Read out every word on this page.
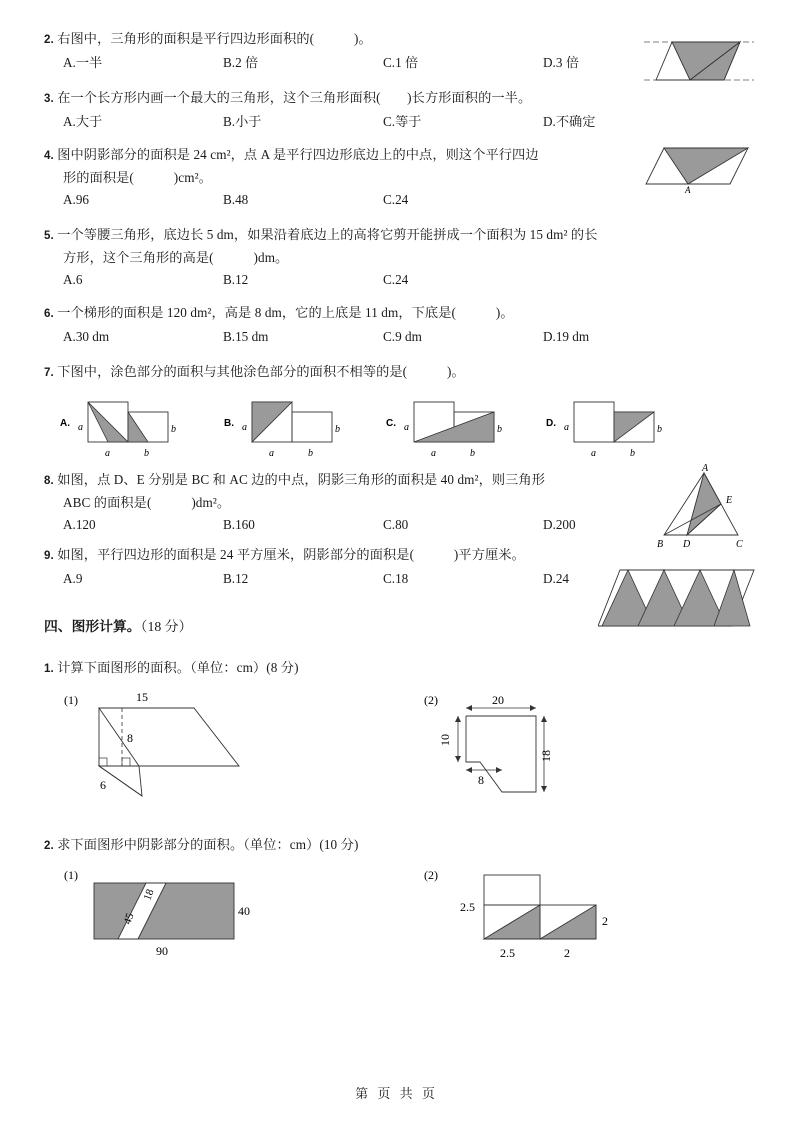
2. 右图中，三角形的面积是平行四边形面积的(　　　)。
A.一半	B.2 倍	C.1 倍	D.3 倍
3. 在一个长方形内画一个最大的三角形，这个三角形面积(　　)长方形面积的一半。
A.大于	B.小于	C.等于	D.不确定
4. 图中阴影部分的面积是 24 cm²，点 A 是平行四边形底边上的中点，则这个平行四边
形的面积是(　　　)cm²。
A.96	B.48	C.24
A
5. 一个等腰三角形，底边长 5 dm，如果沿着底边上的高将它剪开能拼成一个面积为 15 dm² 的长
方形，这个三角形的高是(　　　)dm。
A.6	B.12	C.24
6. 一个梯形的面积是 120 dm²，高是 8 dm，它的上底是 11 dm，下底是(　　　)。
A.30 dm	B.15 dm	C.9 dm	D.19 dm
7. 下图中，涂色部分的面积与其他涂色部分的面积不相等的是(　　　)。
A. a	b
a	b
B. a	b
a	b
C. a	b
a	b
D. a	b
a	b
8. 如图，点 D、E 分别是 BC 和 AC 边的中点，阴影三角形的面积是 40 dm²，则三角形
ABC 的面积是(　　　)dm²。
A.120	B.160	C.80	D.200
A
E
B D	C
9. 如图，平行四边形的面积是 24 平方厘米，阴影部分的面积是(　　　)平方厘米。
A.9	B.12	C.18	D.24
四、图形计算。（18 分）
1. 计算下面图形的面积。（单位：cm）(8 分)
(1)	15
8
6
(2)	20
10
8
18
2. 求下面图形中阴影部分的面积。（单位：cm）(10 分)
(1)
18
45
40
90
(2)
2.5
2
2.5	2
第 页 共 页
